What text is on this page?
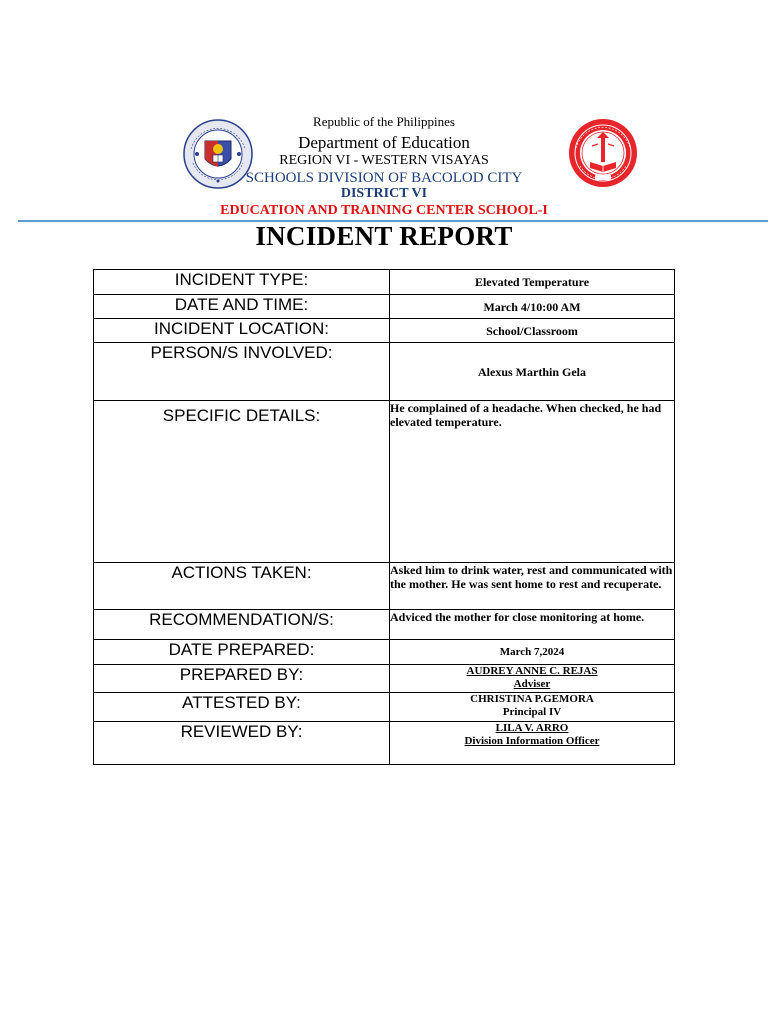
Republic of the Philippines
Department of Education
REGION VI - WESTERN VISAYAS
SCHOOLS DIVISION OF BACOLOD CITY
DISTRICT VI
EDUCATION AND TRAINING CENTER SCHOOL-I
INCIDENT REPORT
INCIDENT TYPE:	Elevated Temperature
DATE AND TIME:	March 4/10:00 AM
INCIDENT LOCATION:	School/Classroom
PERSON/S INVOLVED:	Alexus Marthin Gela
SPECIFIC DETAILS:	He complained of a headache. When checked, he had elevated temperature.
ACTIONS TAKEN:	Asked him to drink water, rest and communicated with the mother. He was sent home to rest and recuperate.
RECOMMENDATION/S:	Adviced the mother for close monitoring at home.
DATE PREPARED:	March 7,2024
PREPARED BY:	AUDREY ANNE C. REJAS
Adviser

ATTESTED BY:	CHRISTINA P.GEMORA
Principal IV

REVIEWED BY:	LILA V. ARRO
Division Information Officer
